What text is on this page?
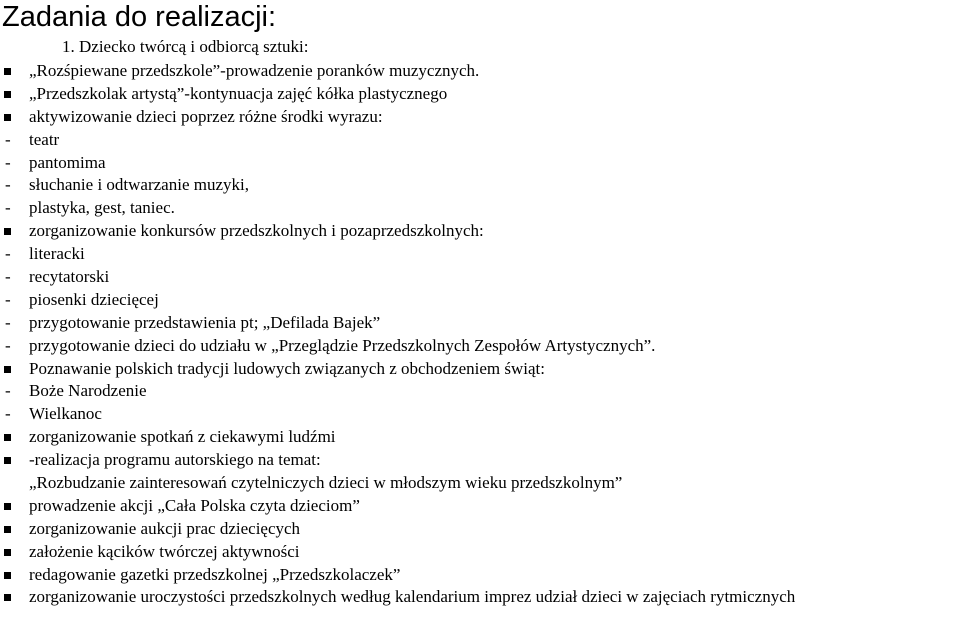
Zadania do realizacji:
1. Dziecko twórcą i odbiorcą sztuki:
„Rozśpiewane przedszkole”-prowadzenie poranków muzycznych.
„Przedszkolak artystą”-kontynuacja zajęć kółka plastycznego
aktywizowanie dzieci poprzez różne środki wyrazu:
-
teatr
-
pantomima
-
słuchanie i odtwarzanie muzyki,
-
plastyka, gest, taniec.
zorganizowanie konkursów przedszkolnych i pozaprzedszkolnych:
-
literacki
-
recytatorski
-
piosenki dziecięcej
-
przygotowanie przedstawienia pt; „Defilada Bajek”
-
przygotowanie dzieci do udziału w „Przeglądzie Przedszkolnych Zespołów Artystycznych”.
Poznawanie polskich tradycji ludowych związanych z obchodzeniem świąt:
-
Boże Narodzenie
-
Wielkanoc
zorganizowanie spotkań z ciekawymi ludźmi
-realizacja programu autorskiego na temat:
„Rozbudzanie zainteresowań czytelniczych dzieci w młodszym wieku przedszkolnym”
prowadzenie akcji „Cała Polska czyta dzieciom”
zorganizowanie aukcji prac dziecięcych
założenie kącików twórczej aktywności
redagowanie gazetki przedszkolnej „Przedszkolaczek”
zorganizowanie uroczystości przedszkolnych według kalendarium imprez udział dzieci w zajęciach rytmicznych
